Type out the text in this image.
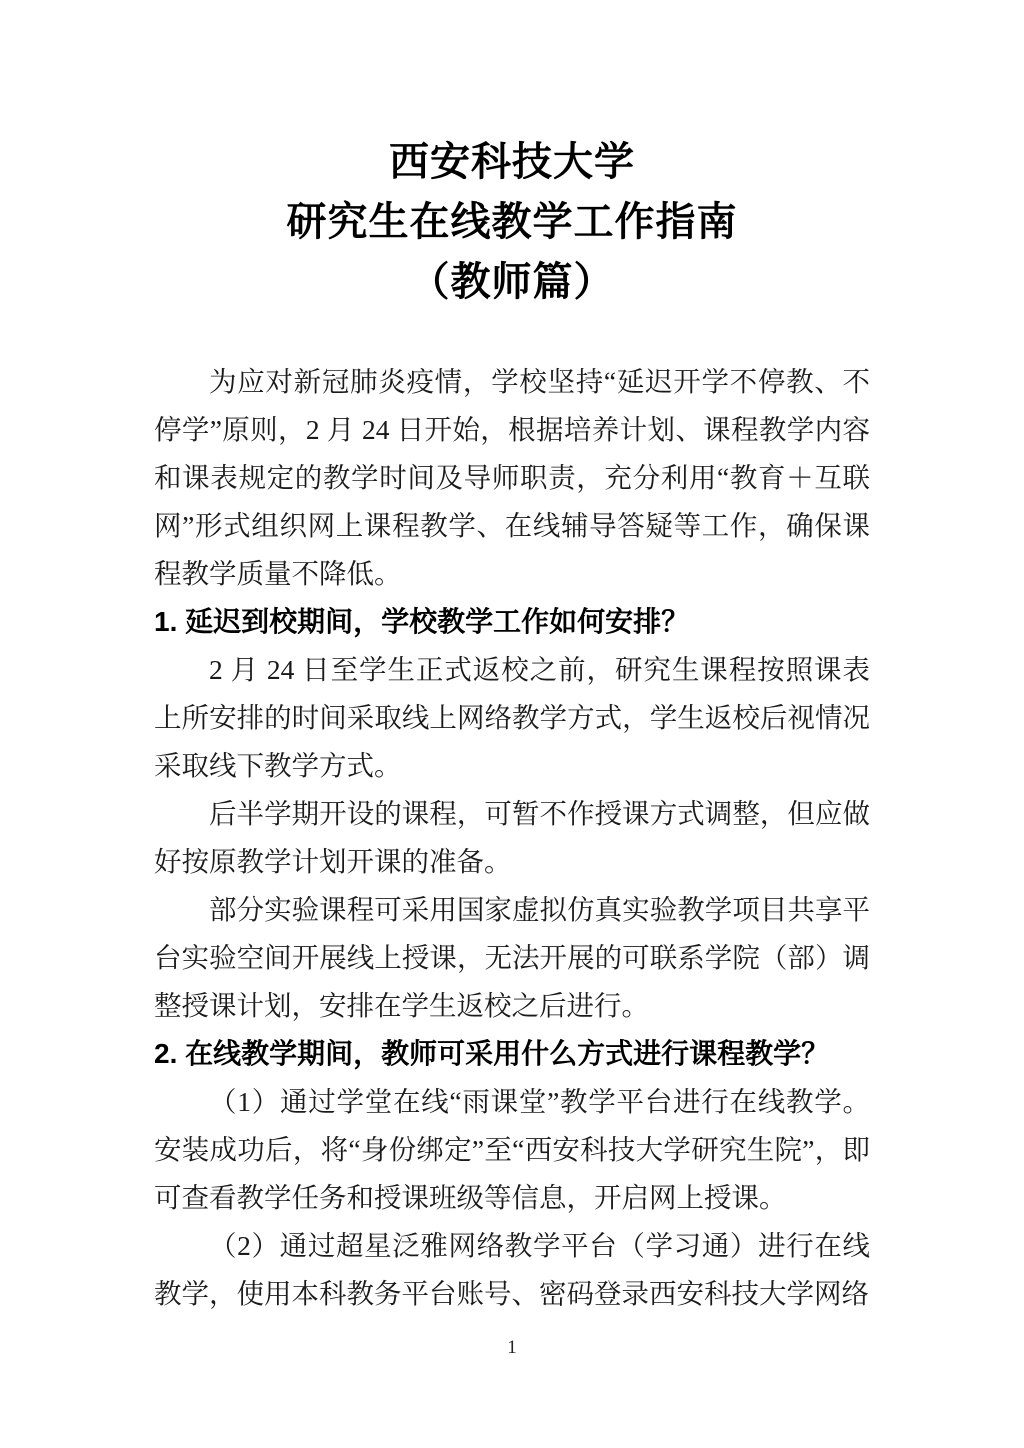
西安科技大学
研究生在线教学工作指南
（教师篇）

为应对新冠肺炎疫情，学校坚持“延迟开学不停教、不停学”原则，2 月 24 日开始，根据培养计划、课程教学内容和课表规定的教学时间及导师职责，充分利用“教育＋互联网”形式组织网上课程教学、在线辅导答疑等工作，确保课程教学质量不降低。

1. 延迟到校期间，学校教学工作如何安排？

2 月 24 日至学生正式返校之前，研究生课程按照课表上所安排的时间采取线上网络教学方式，学生返校后视情况采取线下教学方式。

后半学期开设的课程，可暂不作授课方式调整，但应做好按原教学计划开课的准备。

部分实验课程可采用国家虚拟仿真实验教学项目共享平台实验空间开展线上授课，无法开展的可联系学院（部）调整授课计划，安排在学生返校之后进行。

2. 在线教学期间，教师可采用什么方式进行课程教学？

（1）通过学堂在线“雨课堂”教学平台进行在线教学。安装成功后，将“身份绑定”至“西安科技大学研究生院”，即可查看教学任务和授课班级等信息，开启网上授课。

（2）通过超星泛雅网络教学平台（学习通）进行在线教学，使用本科教务平台账号、密码登录西安科技大学网络

1
